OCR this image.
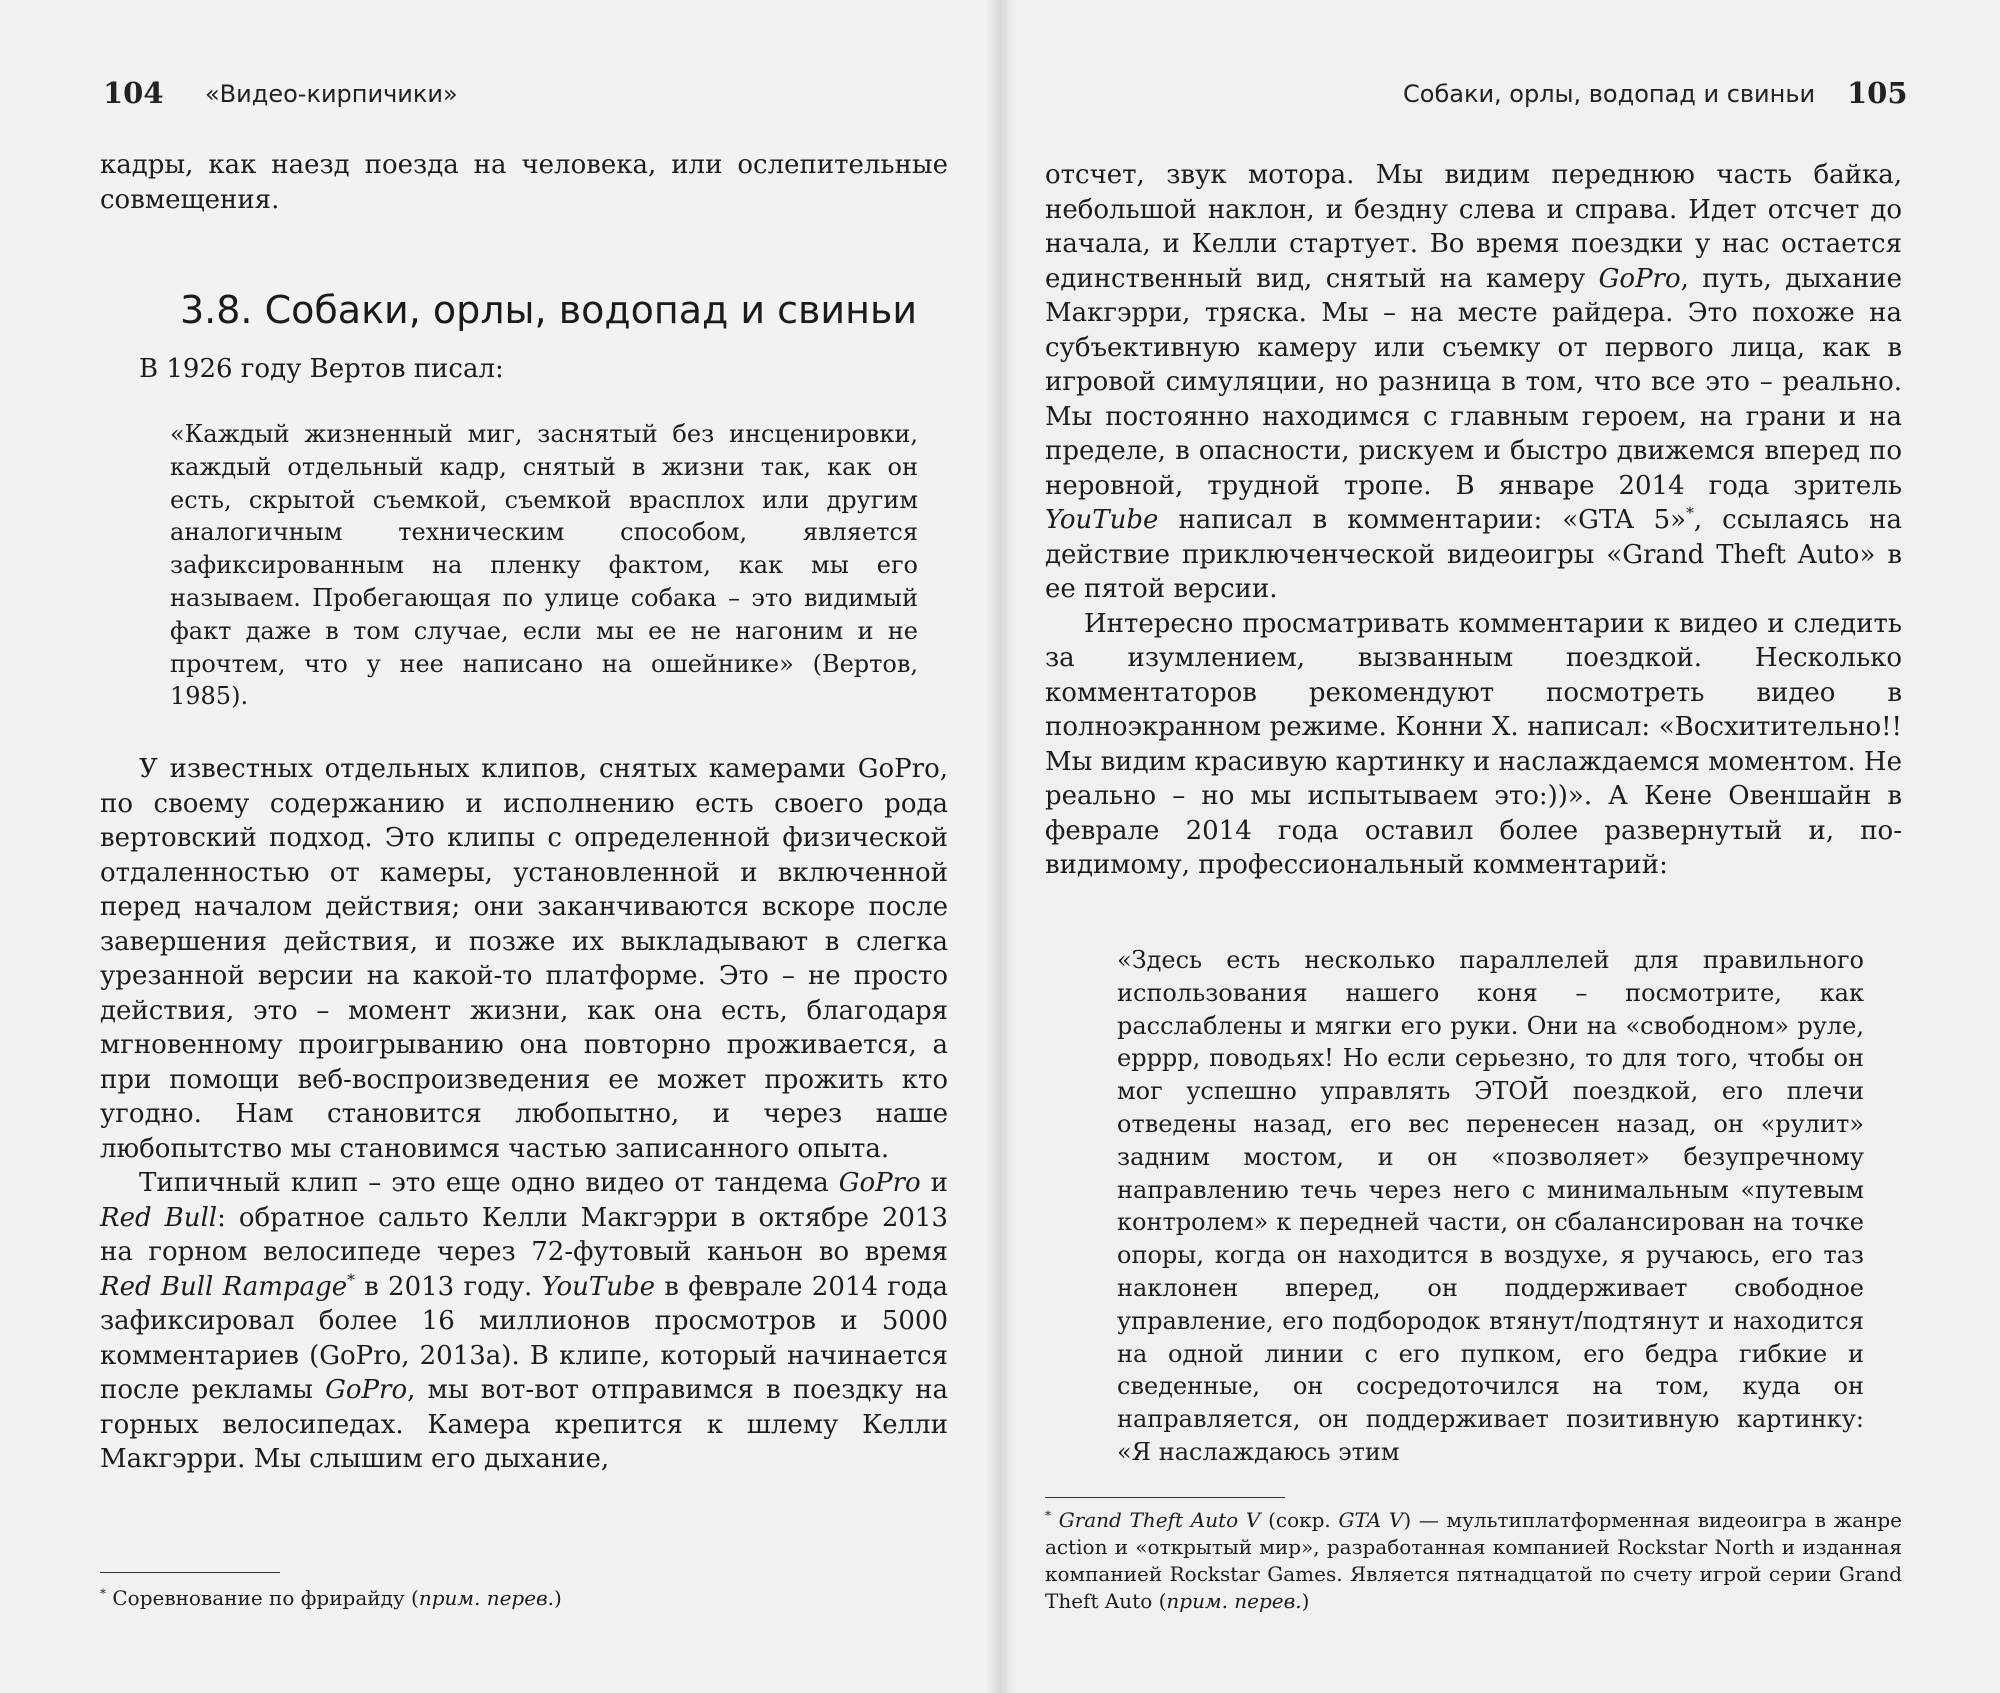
104 «Видео-кирпичики»

кадры, как наезд поезда на человека, или ослепительные совмещения.

3.8. Собаки, орлы, водопад и свиньи

В 1926 году Вертов писал:

«Каждый жизненный миг, заснятый без инсценировки, каждый отдельный кадр, снятый в жизни так, как он есть, скрытой съемкой, съемкой врасплох или другим аналогичным техническим способом, является зафиксированным на пленку фактом, как мы его называем. Пробегающая по улице собака – это видимый факт даже в том случае, если мы ее не нагоним и не прочтем, что у нее написано на ошейнике» (Вертов, 1985).

У известных отдельных клипов, снятых камерами GoPro, по своему содержанию и исполнению есть своего рода вертовский подход. Это клипы с определенной физической отдаленностью от камеры, установленной и включенной перед началом действия; они заканчиваются вскоре после завершения действия, и позже их выкладывают в слегка урезанной версии на какой-то платформе. Это – не просто действия, это – момент жизни, как она есть, благодаря мгновенному проигрыванию она повторно проживается, а при помощи веб-воспроизведения ее может прожить кто угодно. Нам становится любопытно, и через наше любопытство мы становимся частью записанного опыта.

Типичный клип – это еще одно видео от тандема GoPro и Red Bull: обратное сальто Келли Макгэрри в октябре 2013 на горном велосипеде через 72-футовый каньон во время Red Bull Rampage* в 2013 году. YouTube в феврале 2014 года зафиксировал более 16 миллионов просмотров и 5000 комментариев (GoPro, 2013a). В клипе, который начинается после рекламы GoPro, мы вот-вот отправимся в поездку на горных велосипедах. Камера крепится к шлему Келли Макгэрри. Мы слышим его дыхание,

* Соревнование по фрирайду (прим. перев.)

Собаки, орлы, водопад и свиньи 105

отсчет, звук мотора. Мы видим переднюю часть байка, небольшой наклон, и бездну слева и справа. Идет отсчет до начала, и Келли стартует. Во время поездки у нас остается единственный вид, снятый на камеру GoPro, путь, дыхание Макгэрри, тряска. Мы – на месте райдера. Это похоже на субъективную камеру или съемку от первого лица, как в игровой симуляции, но разница в том, что все это – реально. Мы постоянно находимся с главным героем, на грани и на пределе, в опасности, рискуем и быстро движемся вперед по неровной, трудной тропе. В январе 2014 года зритель YouTube написал в комментарии: «GTA 5»*, ссылаясь на действие приключенческой видеоигры «Grand Theft Auto» в ее пятой версии.

Интересно просматривать комментарии к видео и следить за изумлением, вызванным поездкой. Несколько комментаторов рекомендуют посмотреть видео в полноэкранном режиме. Конни Х. написал: «Восхитительно!! Мы видим красивую картинку и наслаждаемся моментом. Не реально – но мы испытываем это:))». А Кене Овеншайн в феврале 2014 года оставил более развернутый и, по-видимому, профессиональный комментарий:

«Здесь есть несколько параллелей для правильного использования нашего коня – посмотрите, как расслаблены и мягки его руки. Они на «свободном» руле, ерррр, поводьях! Но если серьезно, то для того, чтобы он мог успешно управлять ЭТОЙ поездкой, его плечи отведены назад, его вес перенесен назад, он «рулит» задним мостом, и он «позволяет» безупречному направлению течь через него с минимальным «путевым контролем» к передней части, он сбалансирован на точке опоры, когда он находится в воздухе, я ручаюсь, его таз наклонен вперед, он поддерживает свободное управление, его подбородок втянут/подтянут и находится на одной линии с его пупком, его бедра гибкие и сведенные, он сосредоточился на том, куда он направляется, он поддерживает позитивную картинку: «Я наслаждаюсь этим

* Grand Theft Auto V (сокр. GTA V) — мультиплатформенная видеоигра в жанре action и «открытый мир», разработанная компанией Rockstar North и изданная компанией Rockstar Games. Является пятнадцатой по счету игрой серии Grand Theft Auto (прим. перев.)
